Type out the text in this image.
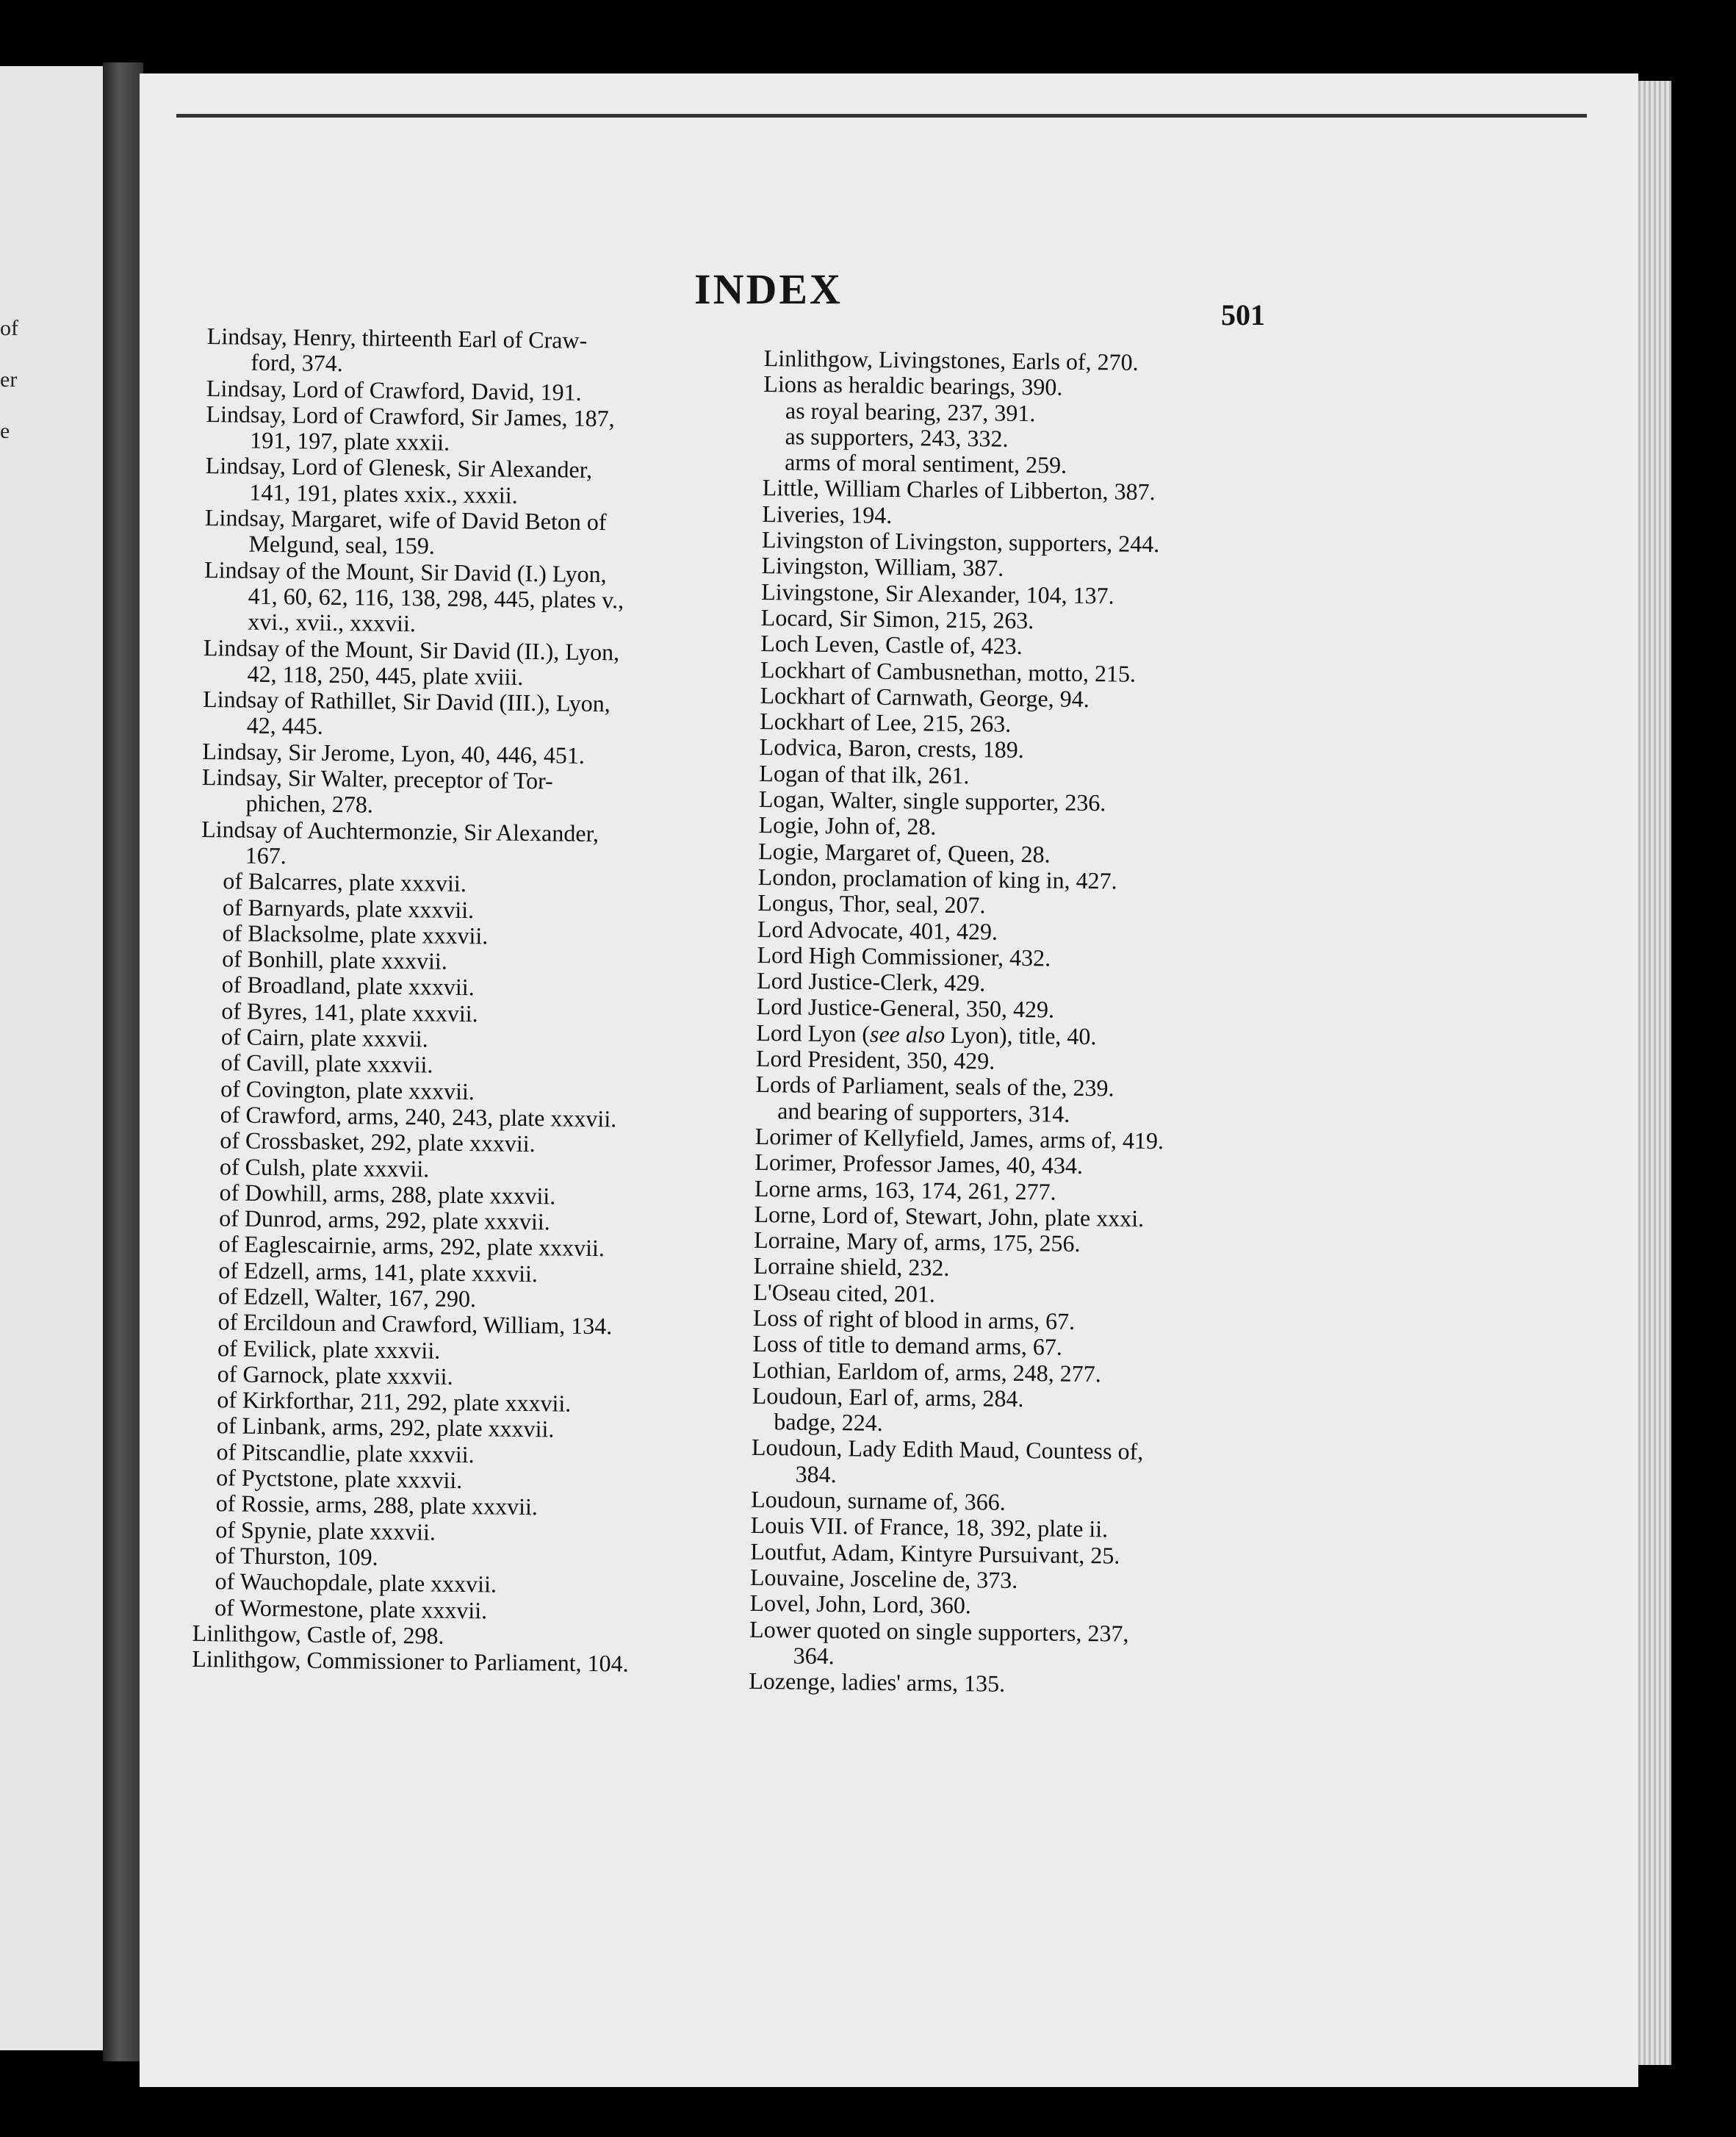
of
er
e
INDEX
501
Lindsay, Henry, thirteenth Earl of Craw-
ford, 374.
Lindsay, Lord of Crawford, David, 191.
Lindsay, Lord of Crawford, Sir James, 187,
191, 197, plate xxxii.
Lindsay, Lord of Glenesk, Sir Alexander,
141, 191, plates xxix., xxxii.
Lindsay, Margaret, wife of David Beton of
Melgund, seal, 159.
Lindsay of the Mount, Sir David (I.) Lyon,
41, 60, 62, 116, 138, 298, 445, plates v.,
xvi., xvii., xxxvii.
Lindsay of the Mount, Sir David (II.), Lyon,
42, 118, 250, 445, plate xviii.
Lindsay of Rathillet, Sir David (III.), Lyon,
42, 445.
Lindsay, Sir Jerome, Lyon, 40, 446, 451.
Lindsay, Sir Walter, preceptor of Tor-
phichen, 278.
Lindsay of Auchtermonzie, Sir Alexander,
167.
of Balcarres, plate xxxvii.
of Barnyards, plate xxxvii.
of Blacksolme, plate xxxvii.
of Bonhill, plate xxxvii.
of Broadland, plate xxxvii.
of Byres, 141, plate xxxvii.
of Cairn, plate xxxvii.
of Cavill, plate xxxvii.
of Covington, plate xxxvii.
of Crawford, arms, 240, 243, plate xxxvii.
of Crossbasket, 292, plate xxxvii.
of Culsh, plate xxxvii.
of Dowhill, arms, 288, plate xxxvii.
of Dunrod, arms, 292, plate xxxvii.
of Eaglescairnie, arms, 292, plate xxxvii.
of Edzell, arms, 141, plate xxxvii.
of Edzell, Walter, 167, 290.
of Ercildoun and Crawford, William, 134.
of Evilick, plate xxxvii.
of Garnock, plate xxxvii.
of Kirkforthar, 211, 292, plate xxxvii.
of Linbank, arms, 292, plate xxxvii.
of Pitscandlie, plate xxxvii.
of Pyctstone, plate xxxvii.
of Rossie, arms, 288, plate xxxvii.
of Spynie, plate xxxvii.
of Thurston, 109.
of Wauchopdale, plate xxxvii.
of Wormestone, plate xxxvii.
Linlithgow, Castle of, 298.
Linlithgow, Commissioner to Parliament, 104.
Linlithgow, Livingstones, Earls of, 270.
Lions as heraldic bearings, 390.
as royal bearing, 237, 391.
as supporters, 243, 332.
arms of moral sentiment, 259.
Little, William Charles of Libberton, 387.
Liveries, 194.
Livingston of Livingston, supporters, 244.
Livingston, William, 387.
Livingstone, Sir Alexander, 104, 137.
Locard, Sir Simon, 215, 263.
Loch Leven, Castle of, 423.
Lockhart of Cambusnethan, motto, 215.
Lockhart of Carnwath, George, 94.
Lockhart of Lee, 215, 263.
Lodvica, Baron, crests, 189.
Logan of that ilk, 261.
Logan, Walter, single supporter, 236.
Logie, John of, 28.
Logie, Margaret of, Queen, 28.
London, proclamation of king in, 427.
Longus, Thor, seal, 207.
Lord Advocate, 401, 429.
Lord High Commissioner, 432.
Lord Justice-Clerk, 429.
Lord Justice-General, 350, 429.
Lord Lyon (see also Lyon), title, 40.
Lord President, 350, 429.
Lords of Parliament, seals of the, 239.
and bearing of supporters, 314.
Lorimer of Kellyfield, James, arms of, 419.
Lorimer, Professor James, 40, 434.
Lorne arms, 163, 174, 261, 277.
Lorne, Lord of, Stewart, John, plate xxxi.
Lorraine, Mary of, arms, 175, 256.
Lorraine shield, 232.
L'Oseau cited, 201.
Loss of right of blood in arms, 67.
Loss of title to demand arms, 67.
Lothian, Earldom of, arms, 248, 277.
Loudoun, Earl of, arms, 284.
badge, 224.
Loudoun, Lady Edith Maud, Countess of,
384.
Loudoun, surname of, 366.
Louis VII. of France, 18, 392, plate ii.
Loutfut, Adam, Kintyre Pursuivant, 25.
Louvaine, Josceline de, 373.
Lovel, John, Lord, 360.
Lower quoted on single supporters, 237,
364.
Lozenge, ladies' arms, 135.
